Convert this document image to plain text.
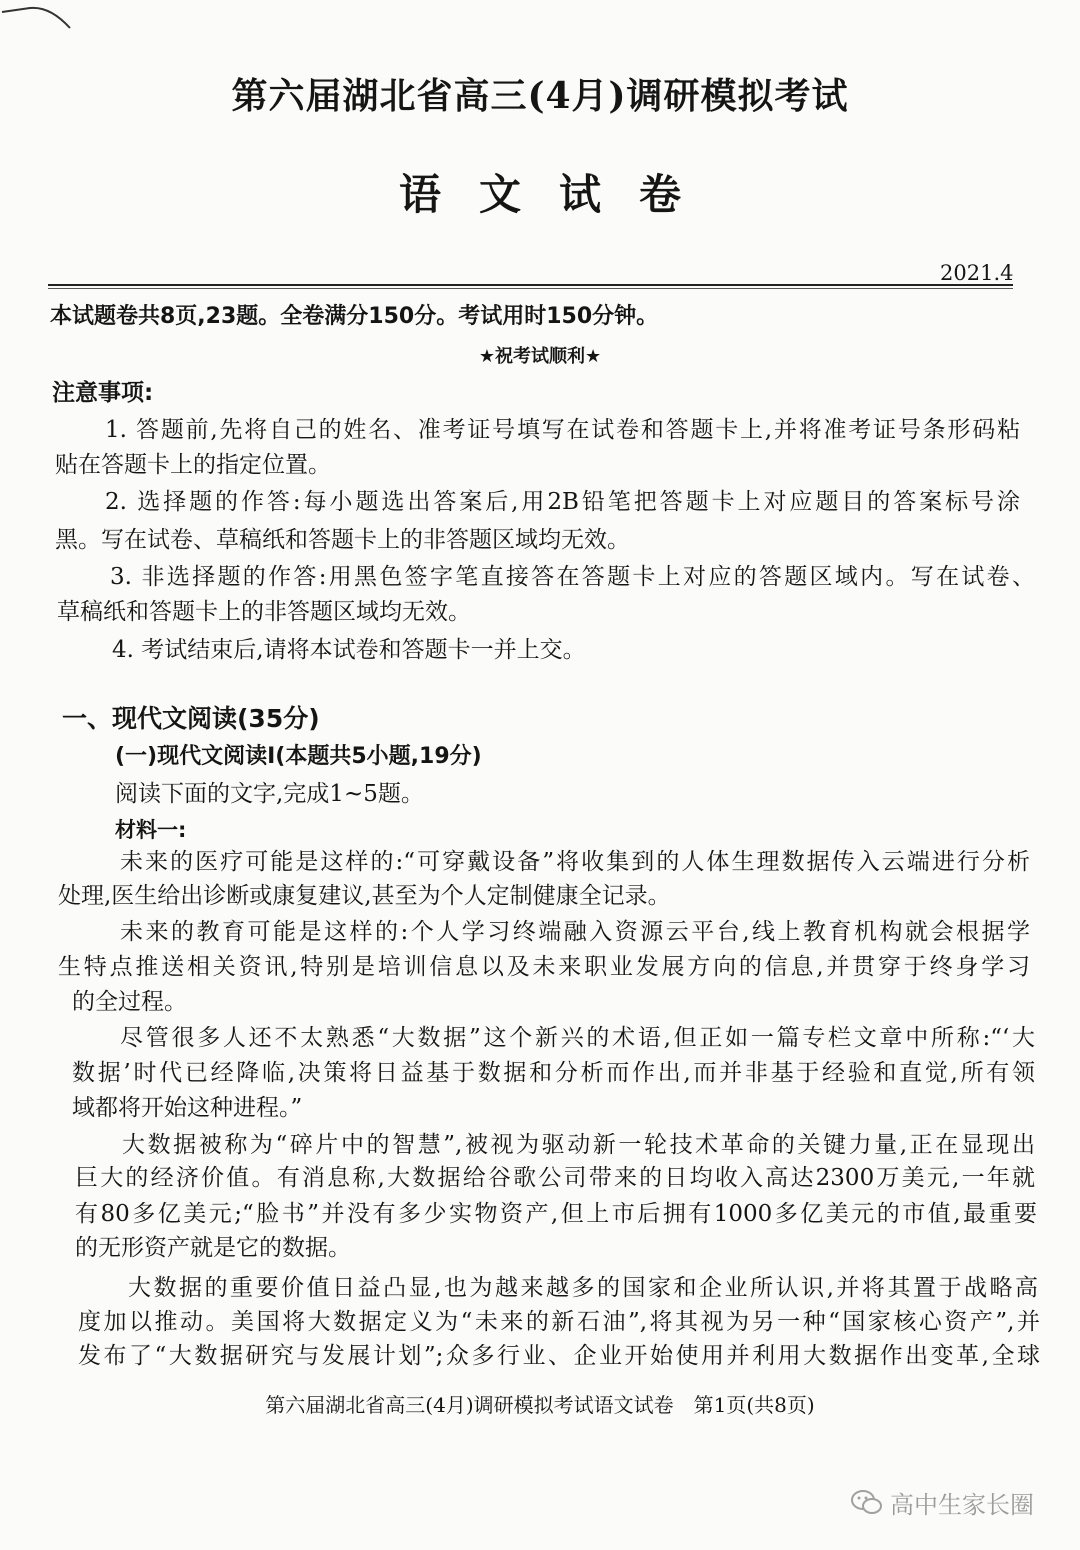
第六届湖北省高三(4月)调研模拟考试
语文试卷
2021.4
本试题卷共8页,23题。全卷满分150分。考试用时150分钟。
★祝考试顺利★
注意事项:
1. 答题前,先将自己的姓名、准考证号填写在试卷和答题卡上,并将准考证号条形码粘
贴在答题卡上的指定位置。
2. 选择题的作答:每小题选出答案后,用2B铅笔把答题卡上对应题目的答案标号涂
黑。写在试卷、草稿纸和答题卡上的非答题区域均无效。
3. 非选择题的作答:用黑色签字笔直接答在答题卡上对应的答题区域内。写在试卷、
草稿纸和答题卡上的非答题区域均无效。
4. 考试结束后,请将本试卷和答题卡一并上交。
一、现代文阅读(35分)
(一)现代文阅读Ⅰ(本题共5小题,19分)
阅读下面的文字,完成1~5题。
材料一:
未来的医疗可能是这样的:“可穿戴设备”将收集到的人体生理数据传入云端进行分析
处理,医生给出诊断或康复建议,甚至为个人定制健康全记录。
未来的教育可能是这样的:个人学习终端融入资源云平台,线上教育机构就会根据学
生特点推送相关资讯,特别是培训信息以及未来职业发展方向的信息,并贯穿于终身学习
的全过程。
尽管很多人还不太熟悉“大数据”这个新兴的术语,但正如一篇专栏文章中所称:“‘大
数据’时代已经降临,决策将日益基于数据和分析而作出,而并非基于经验和直觉,所有领
域都将开始这种进程。”
大数据被称为“碎片中的智慧”,被视为驱动新一轮技术革命的关键力量,正在显现出
巨大的经济价值。有消息称,大数据给谷歌公司带来的日均收入高达2300万美元,一年就
有80多亿美元;“脸书”并没有多少实物资产,但上市后拥有1000多亿美元的市值,最重要
的无形资产就是它的数据。
大数据的重要价值日益凸显,也为越来越多的国家和企业所认识,并将其置于战略高
度加以推动。美国将大数据定义为“未来的新石油”,将其视为另一种“国家核心资产”,并
发布了“大数据研究与发展计划”;众多行业、企业开始使用并利用大数据作出变革,全球
第六届湖北省高三(4月)调研模拟考试语文试卷　第1页(共8页)
高中生家长圈
